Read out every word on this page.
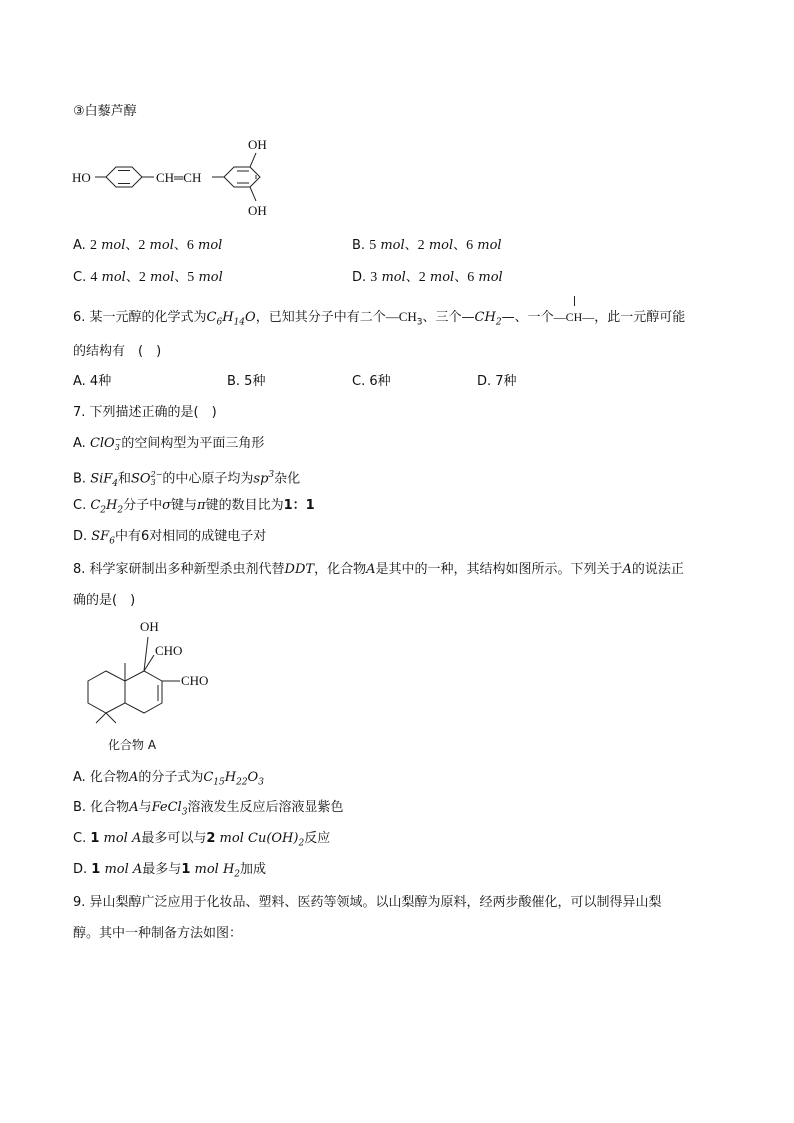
③白藜芦醇
HO	CH═CH
OH
OH
A. 2 mol、2 mol、6 mol	B. 5 mol、2 mol、6 mol
C. 4 mol、2 mol、5 mol	D. 3 mol、2 mol、6 mol
6. 某一元醇的化学式为$C_6H_{14}O$，已知其分子中有二个$—CH_3$、三个$—CH_2—$、一个
—CH—，此一元醇可能
的结构有　(　)
A. 4种	B. 5种	C. 6种	D. 7种
7. 下列描述正确的是(　)
A. ClO −
3 的空间构型为平面三角形
B. SiF$_4$和SO 2−
3 的中心原子均为$sp^3$杂化
C. $C_2H_2$分子中σ键与π键的数目比为1：1
D. $SF_6$中有6对相同的成键电子对
8. 科学家研制出多种新型杀虫剂代替DDT，化合物A是其中的一种，其结构如图所示。下列关于A的说法正
确的是(　)
OH
CHO
CHO
化合物 A
A. 化合物A的分子式为$C_{15}H_{22}O_3$
B. 化合物A与FeCl$_3$溶液发生反应后溶液显紫色
C. 1 mol A最多可以与2 mol $Cu(OH)_2$反应
D. 1 mol A最多与1 mol $H_2$加成
9. 异山梨醇广泛应用于化妆品、塑料、医药等领域。以山梨醇为原料，经两步酸催化，可以制得异山梨
醇。其中一种制备方法如图：
